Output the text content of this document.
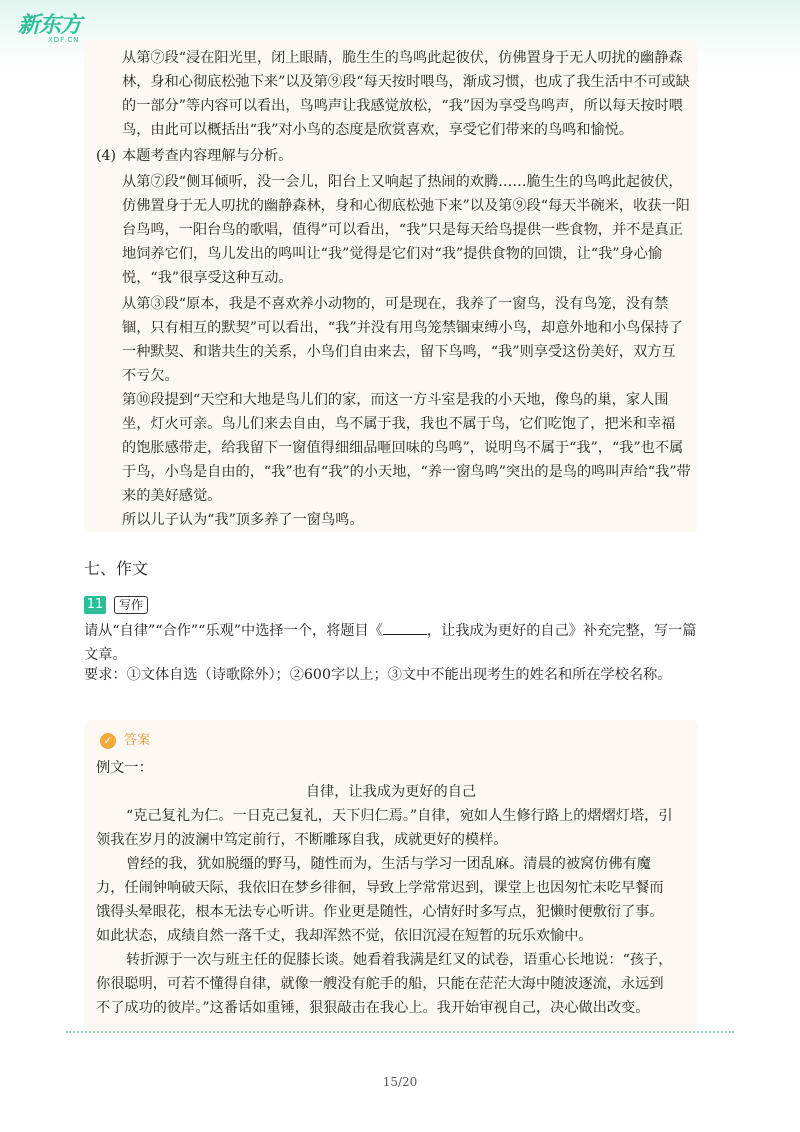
新东方
XDF.CN
从第⑦段“浸在阳光里，闭上眼睛，脆生生的鸟鸣此起彼伏，仿佛置身于无人叨扰的幽静森
林，身和心彻底松弛下来”以及第⑨段“每天按时喂鸟，渐成习惯，也成了我生活中不可或缺
的一部分”等内容可以看出，鸟鸣声让我感觉放松，“我”因为享受鸟鸣声，所以每天按时喂
鸟，由此可以概括出“我”对小鸟的态度是欣赏喜欢，享受它们带来的鸟鸣和愉悦。
(4) 本题考查内容理解与分析。
从第⑦段“侧耳倾听，没一会儿，阳台上又响起了热闹的欢腾……脆生生的鸟鸣此起彼伏，
仿佛置身于无人叨扰的幽静森林，身和心彻底松弛下来”以及第⑨段“每天半碗米，收获一阳
台鸟鸣，一阳台鸟的歌唱，值得”可以看出，“我”只是每天给鸟提供一些食物，并不是真正
地饲养它们，鸟儿发出的鸣叫让“我”觉得是它们对“我”提供食物的回馈，让“我”身心愉
悦，“我”很享受这种互动。
从第③段“原本，我是不喜欢养小动物的，可是现在，我养了一窗鸟，没有鸟笼，没有禁
锢，只有相互的默契”可以看出，“我”并没有用鸟笼禁锢束缚小鸟，却意外地和小鸟保持了
一种默契、和谐共生的关系，小鸟们自由来去，留下鸟鸣，“我”则享受这份美好，双方互
不亏欠。
第⑩段提到“天空和大地是鸟儿们的家，而这一方斗室是我的小天地，像鸟的巢，家人围
坐，灯火可亲。鸟儿们来去自由，鸟不属于我，我也不属于鸟，它们吃饱了，把米和幸福
的饱胀感带走，给我留下一窗值得细细品咂回味的鸟鸣”，说明鸟不属于“我”，“我”也不属
于鸟，小鸟是自由的，“我”也有“我”的小天地，“养一窗鸟鸣”突出的是鸟的鸣叫声给“我”带
来的美好感觉。
所以儿子认为“我”顶多养了一窗鸟鸣。
七、作文
11	写作
请从“自律”“合作”“乐观”中选择一个，将题目《	，让我成为更好的自己》补充完整，写一篇
文章。
要求：①文体自选（诗歌除外）；②600字以上；③文中不能出现考生的姓名和所在学校名称。
✓ 答案
例文一：
自律，让我成为更好的自己
“克己复礼为仁。一日克己复礼，天下归仁焉。”自律，宛如人生修行路上的熠熠灯塔，引
领我在岁月的波澜中笃定前行，不断雕琢自我，成就更好的模样。
曾经的我，犹如脱缰的野马，随性而为，生活与学习一团乱麻。清晨的被窝仿佛有魔
力，任闹钟响破天际，我依旧在梦乡徘徊，导致上学常常迟到，课堂上也因匆忙未吃早餐而
饿得头晕眼花，根本无法专心听讲。作业更是随性，心情好时多写点，犯懒时便敷衍了事。
如此状态，成绩自然一落千丈，我却浑然不觉，依旧沉浸在短暂的玩乐欢愉中。
转折源于一次与班主任的促膝长谈。她看着我满是红叉的试卷，语重心长地说：“孩子，
你很聪明，可若不懂得自律，就像一艘没有舵手的船，只能在茫茫大海中随波逐流，永远到
不了成功的彼岸。”这番话如重锤，狠狠敲击在我心上。我开始审视自己，决心做出改变。
15/20
